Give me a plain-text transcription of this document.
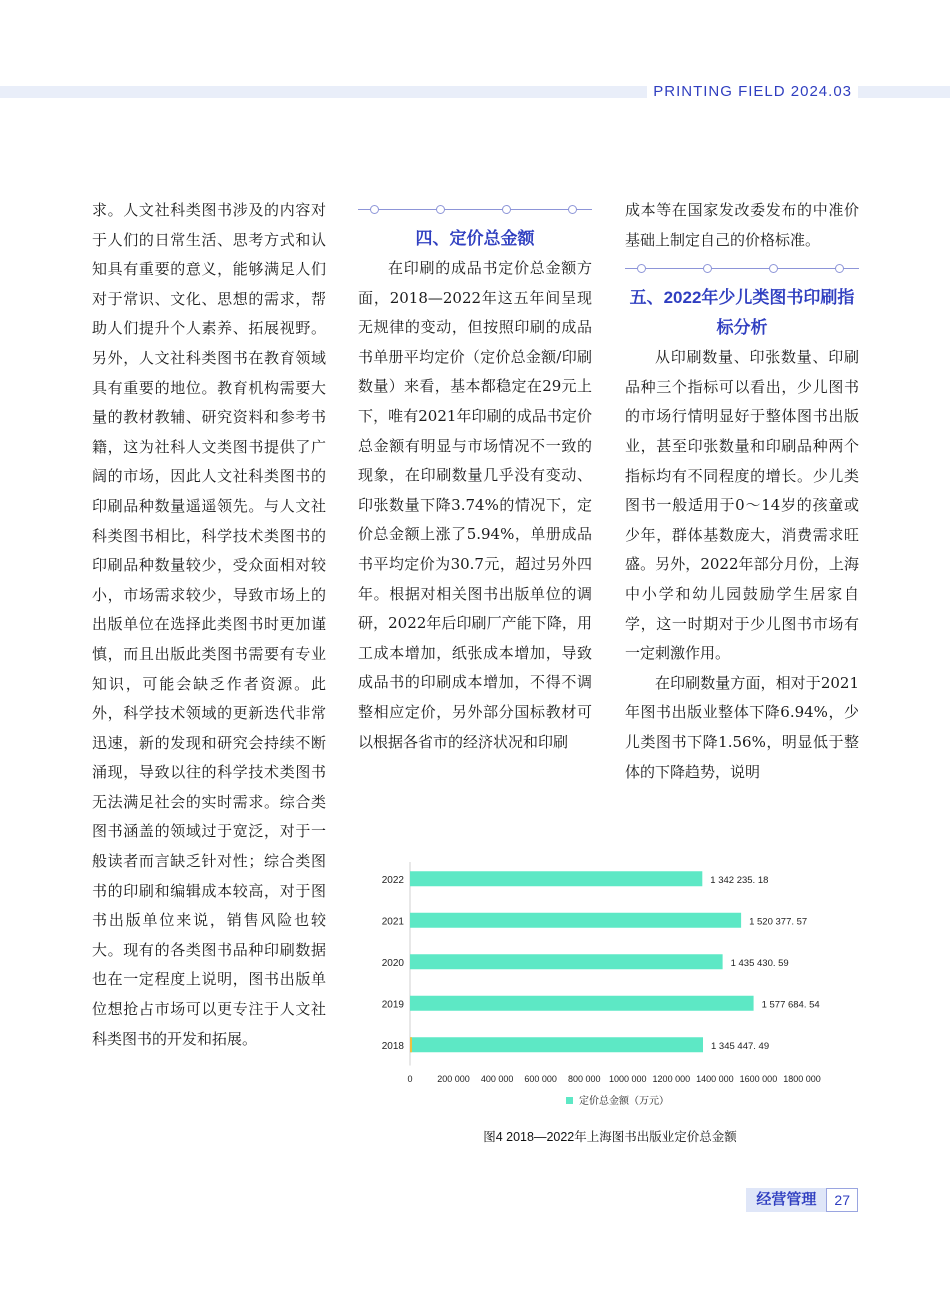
PRINTING FIELD 2024.03

求。人文社科类图书涉及的内容对于人们的日常生活、思考方式和认知具有重要的意义，能够满足人们对于常识、文化、思想的需求，帮助人们提升个人素养、拓展视野。另外，人文社科类图书在教育领域具有重要的地位。教育机构需要大量的教材教辅、研究资料和参考书籍，这为社科人文类图书提供了广阔的市场，因此人文社科类图书的印刷品种数量遥遥领先。与人文社科类图书相比，科学技术类图书的印刷品种数量较少，受众面相对较小，市场需求较少，导致市场上的出版单位在选择此类图书时更加谨慎，而且出版此类图书需要有专业知识，可能会缺乏作者资源。此外，科学技术领域的更新迭代非常迅速，新的发现和研究会持续不断涌现，导致以往的科学技术类图书无法满足社会的实时需求。综合类图书涵盖的领域过于宽泛，对于一般读者而言缺乏针对性；综合类图书的印刷和编辑成本较高，对于图书出版单位来说，销售风险也较大。现有的各类图书品种印刷数据也在一定程度上说明，图书出版单位想抢占市场可以更专注于人文社科类图书的开发和拓展。

四、定价总金额

在印刷的成品书定价总金额方面，2018—2022年这五年间呈现无规律的变动，但按照印刷的成品书单册平均定价（定价总金额/印刷数量）来看，基本都稳定在29元上下，唯有2021年印刷的成品书定价总金额有明显与市场情况不一致的现象，在印刷数量几乎没有变动、印张数量下降3.74%的情况下，定价总金额上涨了5.94%，单册成品书平均定价为30.7元，超过另外四年。根据对相关图书出版单位的调研，2022年后印刷厂产能下降，用工成本增加，纸张成本增加，导致成品书的印刷成本增加，不得不调整相应定价，另外部分国标教材可以根据各省市的经济状况和印刷

成本等在国家发改委发布的中准价基础上制定自己的价格标准。

五、2022年少儿类图书印刷指标分析

从印刷数量、印张数量、印刷品种三个指标可以看出，少儿图书的市场行情明显好于整体图书出版业，甚至印张数量和印刷品种两个指标均有不同程度的增长。少儿类图书一般适用于0～14岁的孩童或少年，群体基数庞大，消费需求旺盛。另外，2022年部分月份，上海中小学和幼儿园鼓励学生居家自学，这一时期对于少儿图书市场有一定刺激作用。

在印刷数量方面，相对于2021年图书出版业整体下降6.94%，少儿类图书下降1.56%，明显低于整体的下降趋势，说明

2022	1 342 235. 18
2021	1 520 377. 57
2020	1 435 430. 59
2019	1 577 684. 54
2018	1 345 447. 49
0	200 000 400 000 600 000 800 000 1000 000 1200 000 1400 000 1600 000 1800 000
定价总金额（万元）
图4 2018—2022年上海图书出版业定价总金额
经营管理	27
